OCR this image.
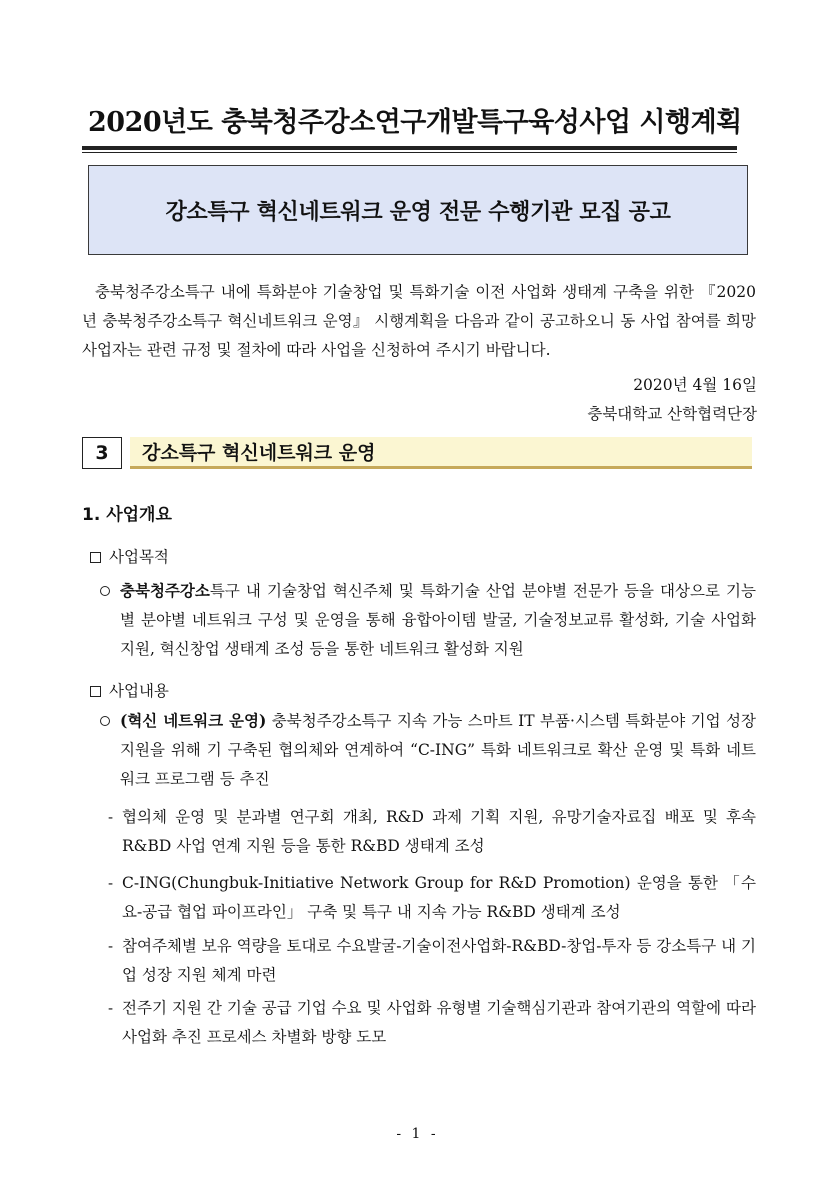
2020년도 충북청주강소연구개발특구육성사업 시행계획
강소특구 혁신네트워크 운영 전문 수행기관 모집 공고
충북청주강소특구 내에 특화분야 기술창업 및 특화기술 이전 사업화 생태계 구축을 위한 『2020년 충북청주강소특구 혁신네트워크 운영』 시행계획을 다음과 같이 공고하오니 동 사업 참여를 희망 사업자는 관련 규정 및 절차에 따라 사업을 신청하여 주시기 바랍니다.
2020년 4월 16일
충북대학교 산학협력단장
3	강소특구 혁신네트워크 운영
1. 사업개요
사업목적
충북청주강소특구 내 기술창업 혁신주체 및 특화기술 산업 분야별 전문가 등을 대상으로 기능별 분야별 네트워크 구성 및 운영을 통해 융합아이템 발굴, 기술정보교류 활성화, 기술 사업화 지원, 혁신창업 생태계 조성 등을 통한 네트워크 활성화 지원
사업내용
(혁신 네트워크 운영) 충북청주강소특구 지속 가능 스마트 IT 부품·시스템 특화분야 기업 성장지원을 위해 기 구축된 협의체와 연계하여 “C-ING” 특화 네트워크로 확산 운영 및 특화 네트워크 프로그램 등 추진
- 협의체 운영 및 분과별 연구회 개최, R&D 과제 기획 지원, 유망기술자료집 배포 및 후속 R&BD 사업 연계 지원 등을 통한 R&BD 생태계 조성
- C-ING(Chungbuk-Initiative Network Group for R&D Promotion) 운영을 통한 「수요-공급 협업 파이프라인」 구축 및 특구 내 지속 가능 R&BD 생태계 조성
- 참여주체별 보유 역량을 토대로 수요발굴-기술이전사업화-R&BD-창업-투자 등 강소특구 내 기업 성장 지원 체계 마련
- 전주기 지원 간 기술 공급 기업 수요 및 사업화 유형별 기술핵심기관과 참여기관의 역할에 따라 사업화 추진 프로세스 차별화 방향 도모
- 1 -
